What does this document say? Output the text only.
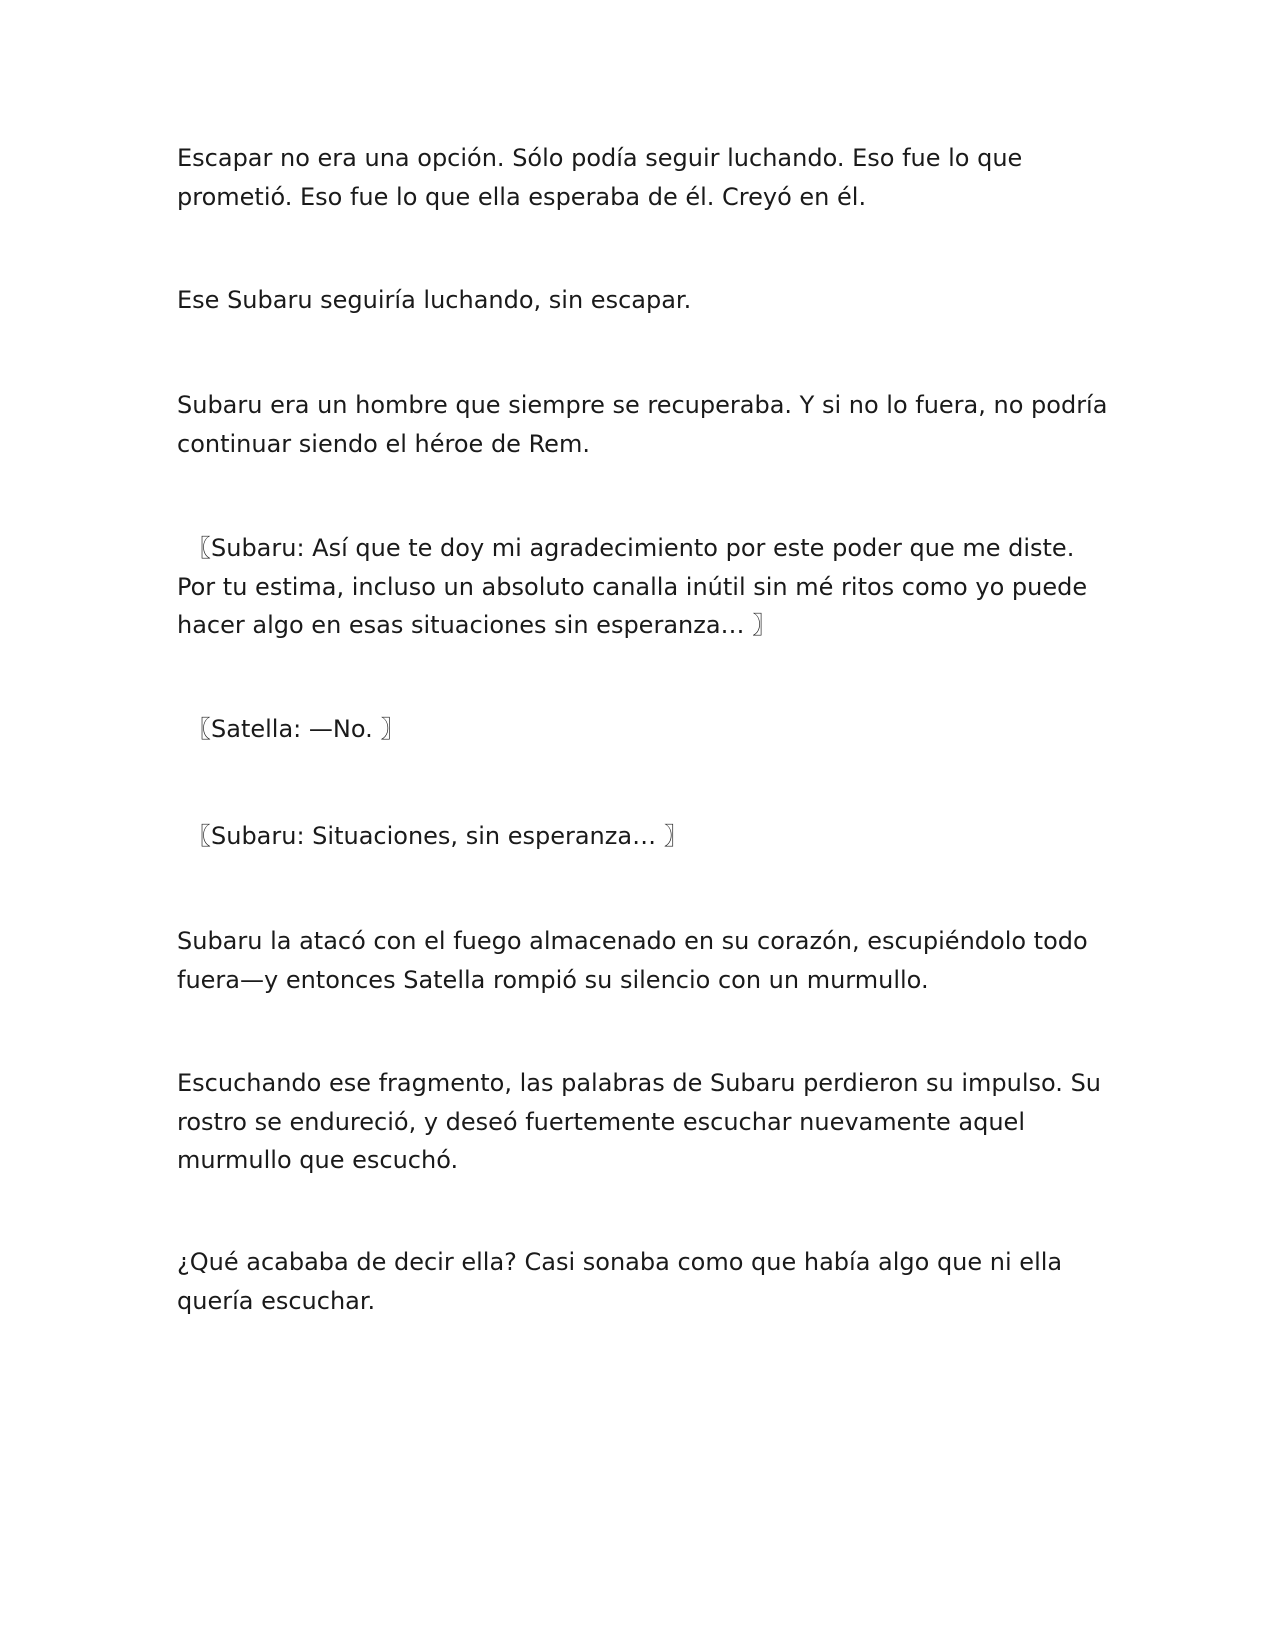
Escapar no era una opción. Sólo podía seguir luchando. Eso fue lo que
prometió. Eso fue lo que ella esperaba de él. Creyó en él.

Ese Subaru seguiría luchando, sin escapar.

Subaru era un hombre que siempre se recuperaba. Y si no lo fuera, no podría
continuar siendo el héroe de Rem.

〖Subaru: Así que te doy mi agradecimiento por este poder que me diste.
Por tu estima, incluso un absoluto canalla inútil sin mé ritos como yo puede
hacer algo en esas situaciones sin esperanza… 〗

〖Satella: —No. 〗

〖Subaru: Situaciones, sin esperanza… 〗

Subaru la atacó con el fuego almacenado en su corazón, escupiéndolo todo
fuera—y entonces Satella rompió su silencio con un murmullo.

Escuchando ese fragmento, las palabras de Subaru perdieron su impulso. Su
rostro se endureció, y deseó fuertemente escuchar nuevamente aquel
murmullo que escuchó.

¿Qué acababa de decir ella? Casi sonaba como que había algo que ni ella
quería escuchar.
